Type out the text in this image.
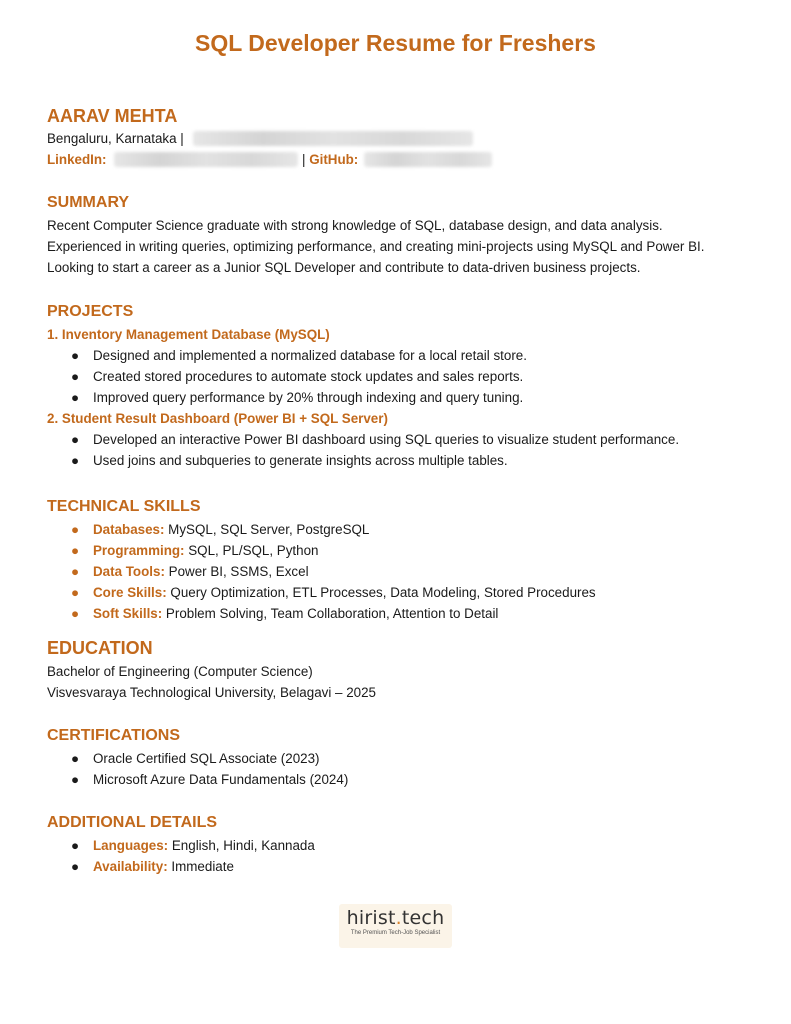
SQL Developer Resume for Freshers
AARAV MEHTA
Bengaluru, Karnataka |
LinkedIn:	| GitHub:
SUMMARY
Recent Computer Science graduate with strong knowledge of SQL, database design, and data analysis.
Experienced in writing queries, optimizing performance, and creating mini-projects using MySQL and Power BI.
Looking to start a career as a Junior SQL Developer and contribute to data-driven business projects.
PROJECTS
1. Inventory Management Database (MySQL)
● Designed and implemented a normalized database for a local retail store.
● Created stored procedures to automate stock updates and sales reports.
● Improved query performance by 20% through indexing and query tuning.
2. Student Result Dashboard (Power BI + SQL Server)
● Developed an interactive Power BI dashboard using SQL queries to visualize student performance.
● Used joins and subqueries to generate insights across multiple tables.
TECHNICAL SKILLS
● Databases: MySQL, SQL Server, PostgreSQL
● Programming: SQL, PL/SQL, Python
● Data Tools: Power BI, SSMS, Excel
● Core Skills: Query Optimization, ETL Processes, Data Modeling, Stored Procedures
● Soft Skills: Problem Solving, Team Collaboration, Attention to Detail
EDUCATION
Bachelor of Engineering (Computer Science)
Visvesvaraya Technological University, Belagavi – 2025
CERTIFICATIONS
● Oracle Certified SQL Associate (2023)
● Microsoft Azure Data Fundamentals (2024)
ADDITIONAL DETAILS
● Languages: English, Hindi, Kannada
● Availability: Immediate
hirist.tech
The Premium Tech-Job Specialist
